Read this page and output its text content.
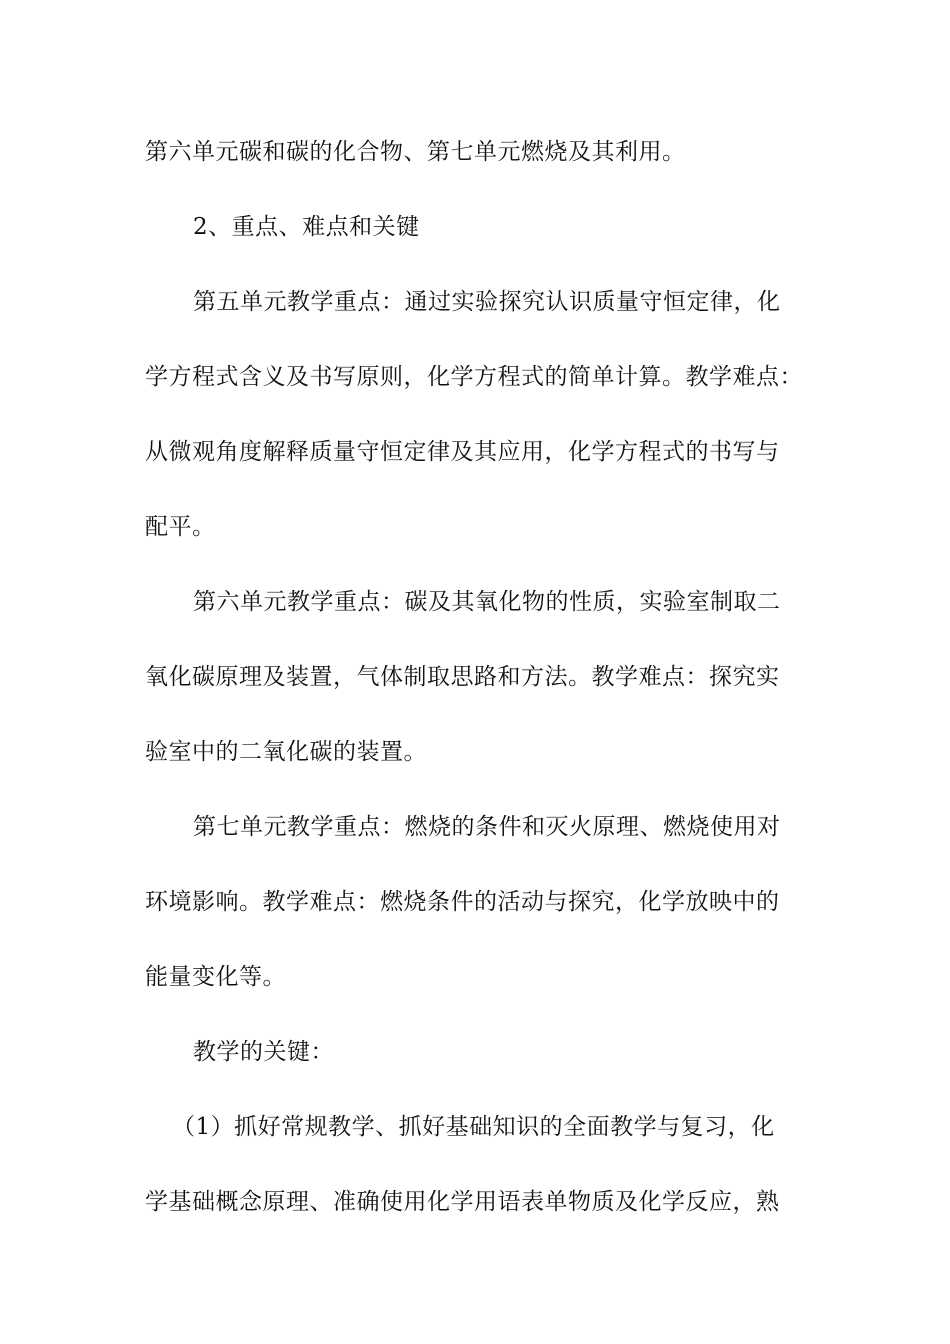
第六单元碳和碳的化合物、第七单元燃烧及其利用。
2、重点、难点和关键
第五单元教学重点：通过实验探究认识质量守恒定律，化
学方程式含义及书写原则，化学方程式的简单计算。教学难点：
从微观角度解释质量守恒定律及其应用，化学方程式的书写与
配平。
第六单元教学重点：碳及其氧化物的性质，实验室制取二
氧化碳原理及装置，气体制取思路和方法。教学难点：探究实
验室中的二氧化碳的装置。
第七单元教学重点：燃烧的条件和灭火原理、燃烧使用对
环境影响。教学难点：燃烧条件的活动与探究，化学放映中的
能量变化等。
教学的关键：
（1）抓好常规教学、抓好基础知识的全面教学与复习，化
学基础概念原理、准确使用化学用语表单物质及化学反应，熟
